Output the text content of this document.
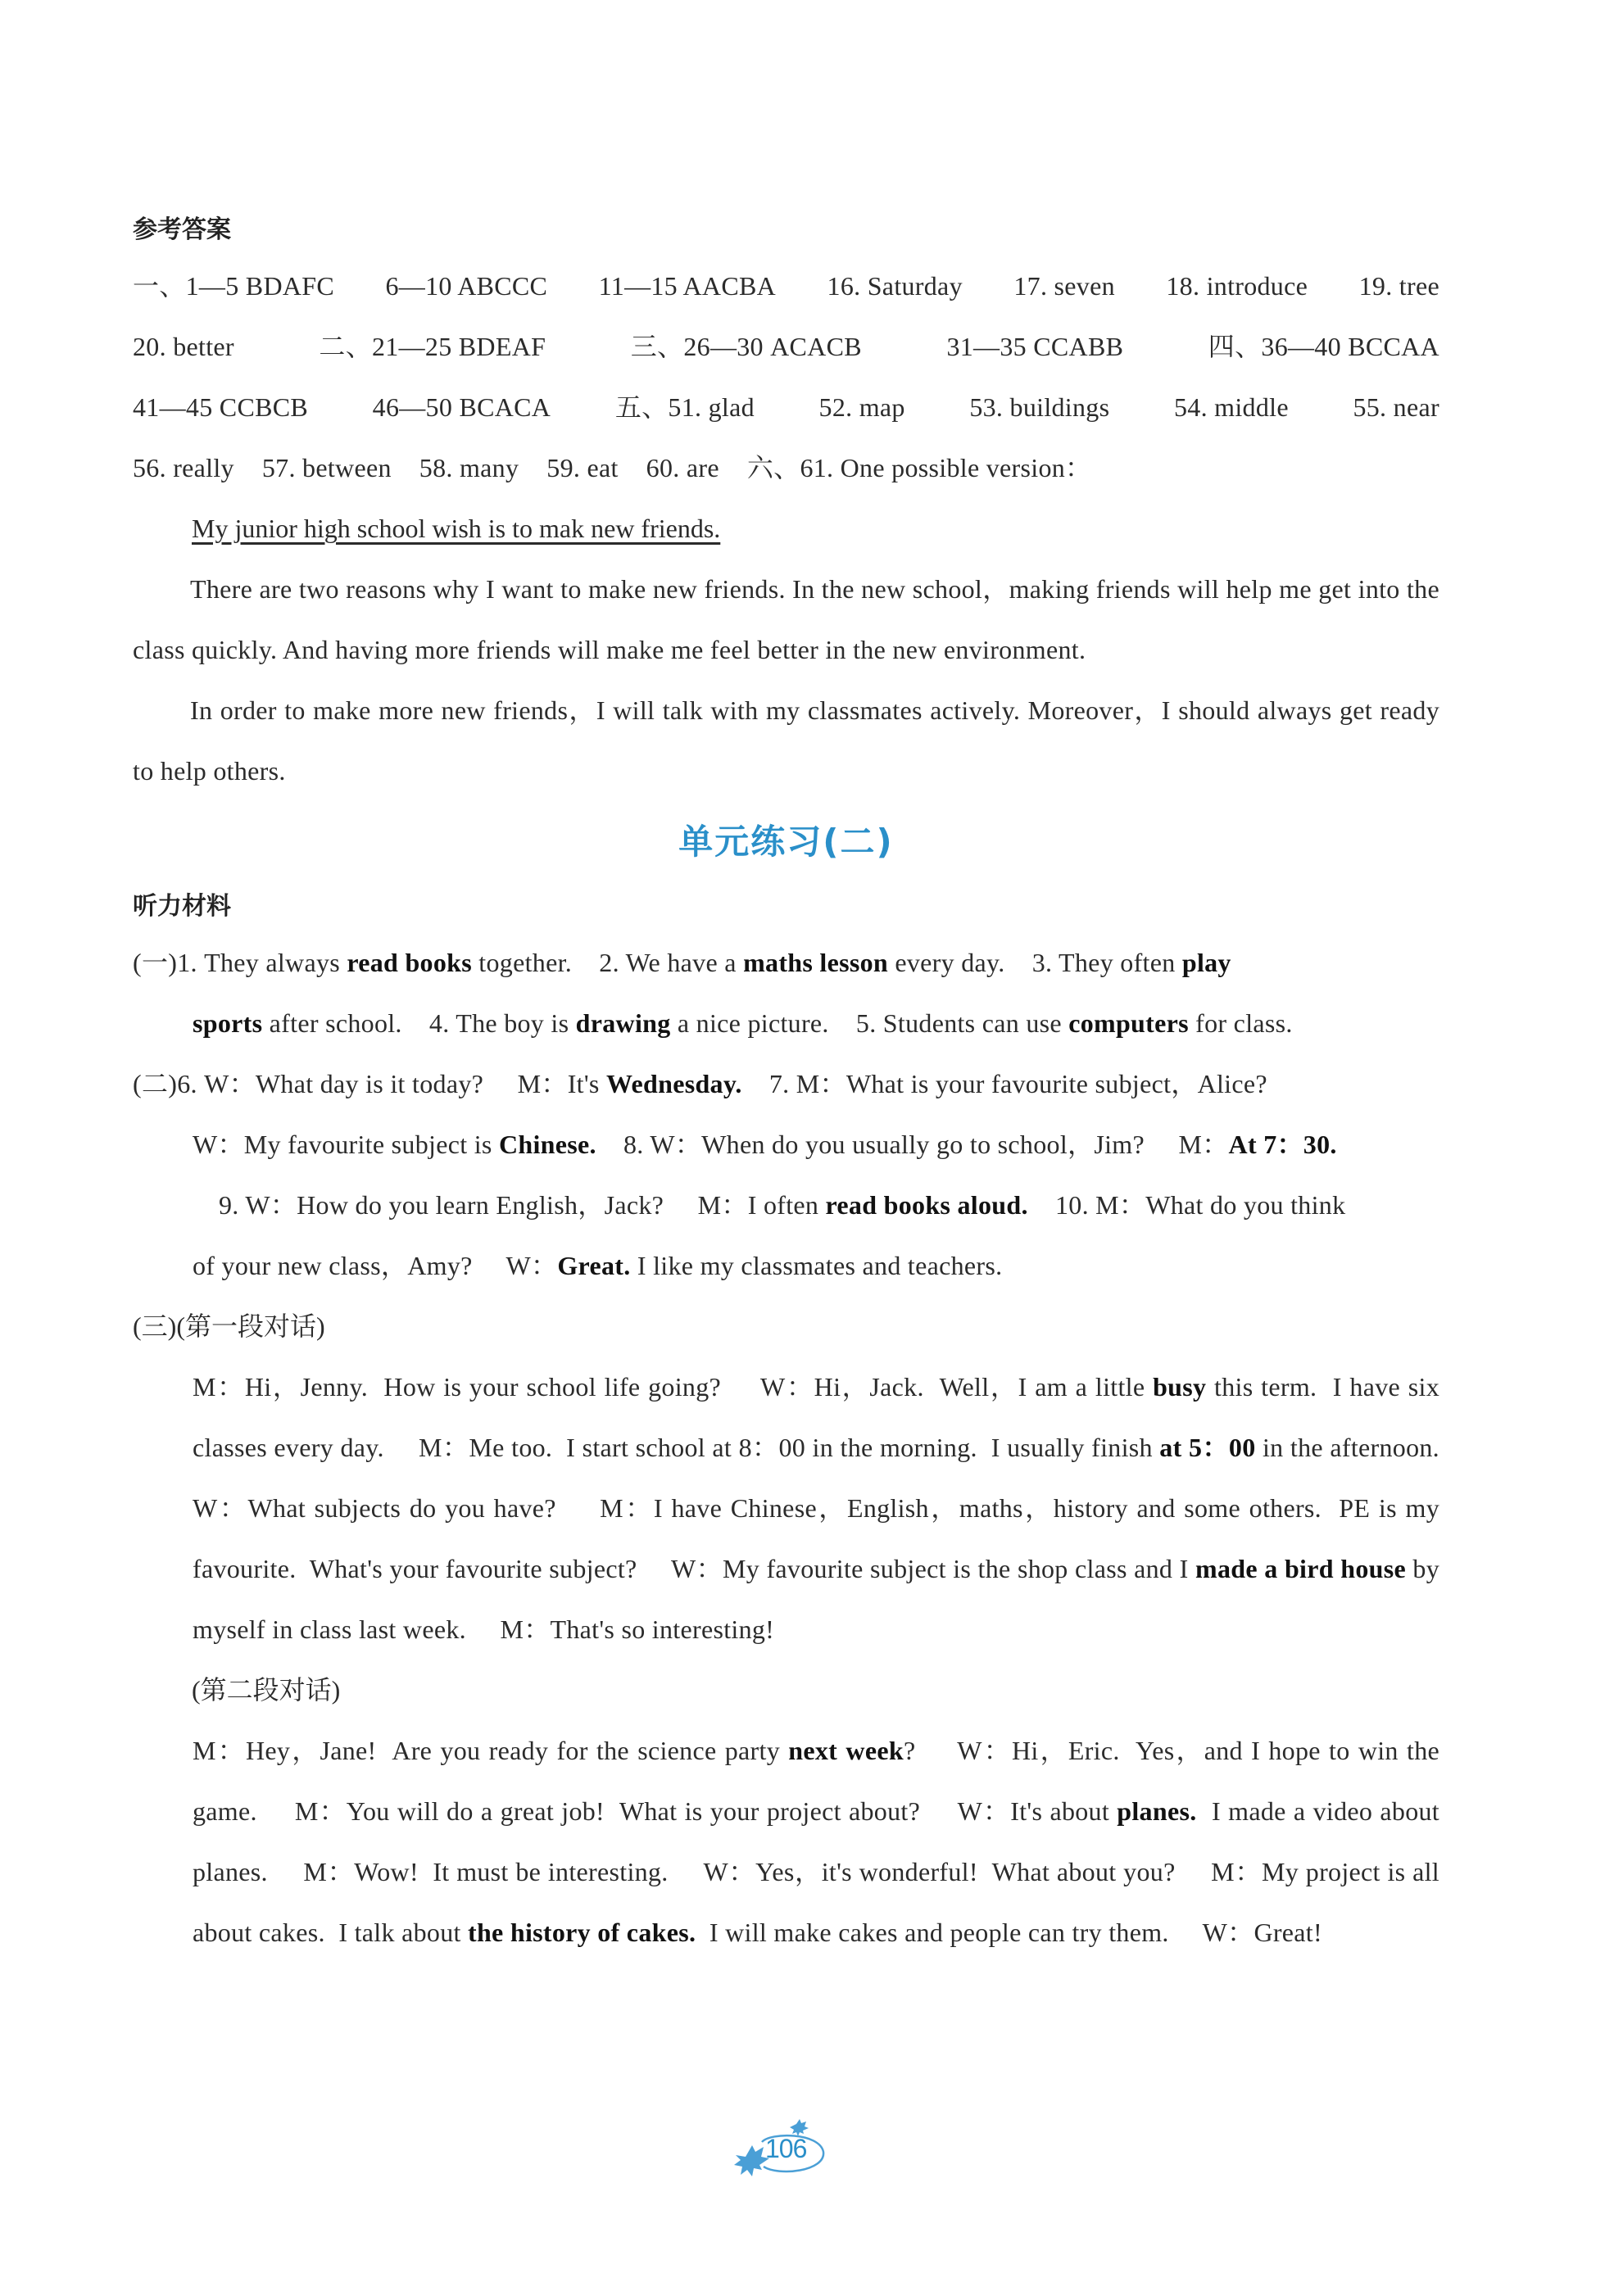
参考答案
一、1—5 BDAFC 6—10 ABCCC 11—15 AACBA 16. Saturday 17. seven 18. introduce 19. tree
20. better	二、21—25 BDEAF	三、26—30 ACACB	31—35 CCABB	四、36—40 BCCAA
41—45 CCBCB 46—50 BCACA 五、51. glad 52. map 53. buildings 54. middle 55. near
56. really 57. between 58. many 59. eat 60. are 六、61. One possible version：
My junior high school wish is to mak new friends.

There are two reasons why I want to make new friends. In the new school，making friends will help me get into the class quickly. And having more friends will make me feel better in the new environment.

In order to make more new friends，I will talk with my classmates actively. Moreover，I should always get ready to help others.

单元练习(二)
听力材料

(一)1. They always read books together.    2. We have a maths lesson every day.    3. They often play

sports after school.    4. The boy is drawing a nice picture.    5. Students can use computers for class.

(二)6. W：What day is it today?     M：It's Wednesday.    7. M：What is your favourite subject，Alice?

W：My favourite subject is Chinese.    8. W：When do you usually go to school，Jim? M：At 7：30.

9. W：How do you learn English，Jack?     M：I often read books aloud.    10. M：What do you think

of your new class，Amy?     W：Great. I like my classmates and teachers.

(三)(第一段对话)

M：Hi，Jenny.  How is your school life going?     W：Hi，Jack.  Well，I am a little busy this term.  I have six classes every day.     M：Me too.  I start school at 8：00 in the morning.  I usually finish at 5：00 in the afternoon.     W：What subjects do you have?     M：I have Chinese，English，maths，history and some others.  PE is my favourite.  What's your favourite subject?     W：My favourite subject is the shop class and I made a bird house by myself in class last week.     M：That's so interesting!

(第二段对话)

M：Hey，Jane!  Are you ready for the science party next week?     W：Hi，Eric.  Yes，and I hope to win the game.     M：You will do a great job!  What is your project about?     W：It's about planes.  I made a video about planes.     M：Wow!  It must be interesting.     W：Yes，it's wonderful!  What about you?     M：My project is all about cakes.  I talk about the history of cakes.  I will make cakes and people can try them.     W：Great!

106
